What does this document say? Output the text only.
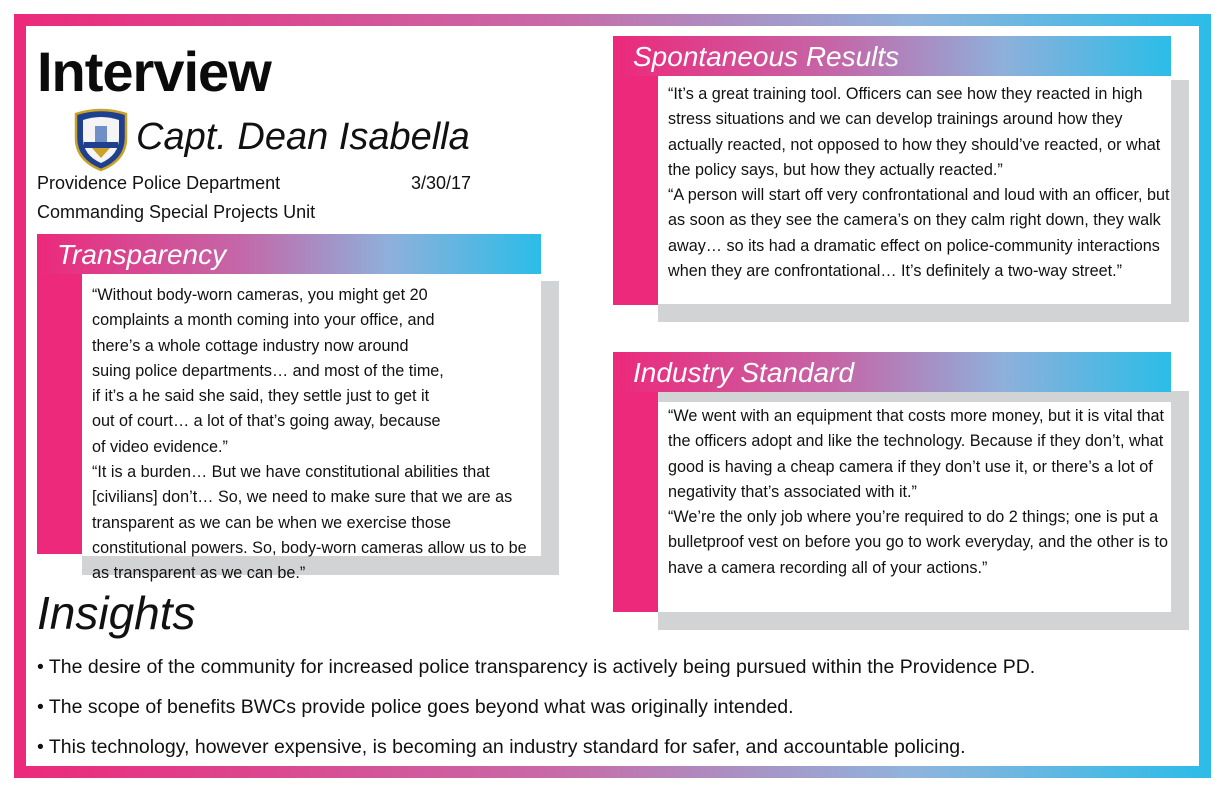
Interview
Capt. Dean Isabella
Providence Police Department	3/30/17
Commanding Special Projects Unit
Transparency

“Without body-worn cameras, you might get 20 complaints a month coming into your office, and there’s a whole cottage industry now around suing police departments… and most of the time, if it’s a he said she said, they settle just to get it out of court… a lot of that’s going away, because of video evidence.”

“It is a burden… But we have constitutional abilities that [civilians] don’t… So, we need to make sure that we are as transparent as we can be when we exercise those constitutional powers. So, body-worn cameras allow us to be as transparent as we can be.”

Spontaneous Results

“It’s a great training tool. Officers can see how they reacted in high stress situations and we can develop trainings around how they actually reacted, not opposed to how they should’ve reacted, or what the policy says, but how they actually reacted.”

“A person will start off very confrontational and loud with an officer, but as soon as they see the camera’s on they calm right down, they walk away… so its had a dramatic effect on police-community interactions when they are confrontational… It’s definitely a two-way street.”

Industry Standard

“We went with an equipment that costs more money, but it is vital that the officers adopt and like the technology. Because if they don’t, what good is having a cheap camera if they don’t use it, or there’s a lot of negativity that’s associated with it.”

“We’re the only job where you’re required to do 2 things; one is put a bulletproof vest on before you go to work everyday, and the other is to have a camera recording all of your actions.”

Insights
• The desire of the community for increased police transparency is actively being pursued within the Providence PD.
• The scope of benefits BWCs provide police goes beyond what was originally intended.
• This technology, however expensive, is becoming an industry standard for safer, and accountable policing.
